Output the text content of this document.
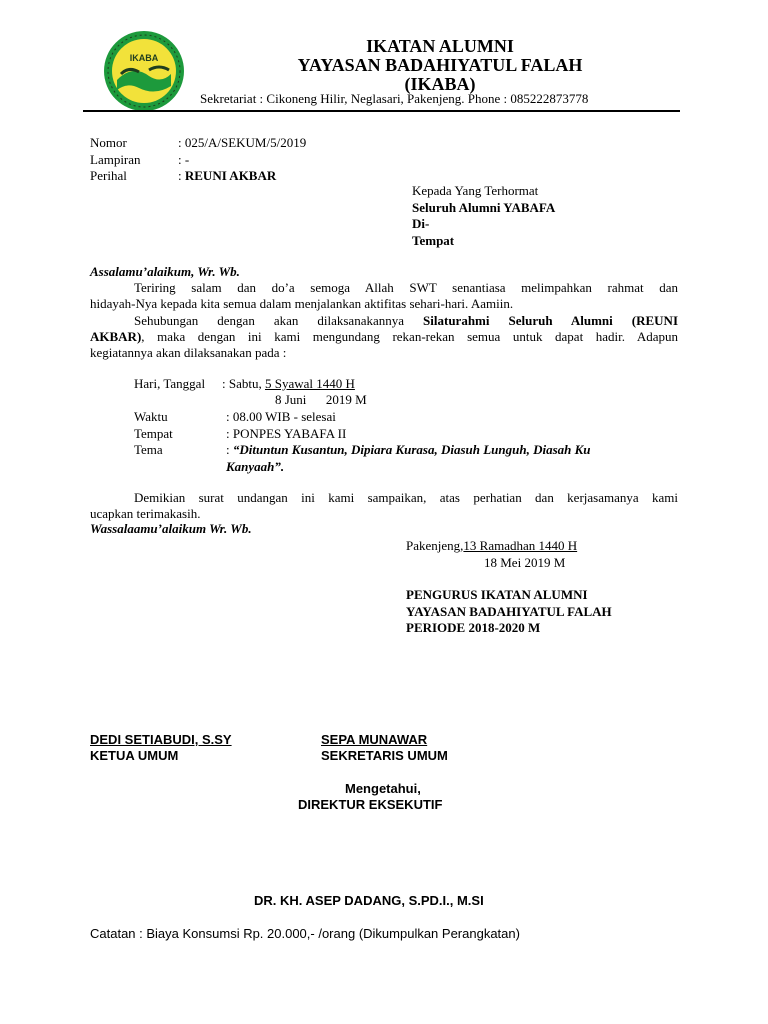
IKABA
IKATAN ALUMNI
YAYASAN BADAHIYATUL FALAH
(IKABA)
Sekretariat : Cikoneng Hilir, Neglasari, Pakenjeng. Phone : 085222873778
Nomor	: 025/A/SEKUM/5/2019
Lampiran	: -
Perihal	: REUNI AKBAR
Kepada Yang Terhormat
Seluruh Alumni YABAFA
Di-
Tempat
Assalamu’alaikum, Wr. Wb.
Teriring salam dan do’a semoga Allah SWT senantiasa melimpahkan rahmat dan
hidayah-Nya kepada kita semua dalam menjalankan aktifitas sehari-hari. Aamiin.
Sehubungan dengan akan dilaksanakannya Silaturahmi Seluruh Alumni (REUNI
AKBAR), maka dengan ini kami mengundang rekan-rekan semua untuk dapat hadir. Adapun
kegiatannya akan dilaksanakan pada :
Hari, Tanggal : Sabtu, 5 Syawal 1440 H
8 Juni      2019 M
Waktu	: 08.00 WIB - selesai
Tempat	: PONPES YABAFA II
Tema	: “Dituntun Kusantun, Dipiara Kurasa, Diasuh Lunguh, Diasah Ku
Kanyaah”.
Demikian surat undangan ini kami sampaikan, atas perhatian dan kerjasamanya kami
ucapkan terimakasih.
Wassalaamu’alaikum Wr. Wb.
Pakenjeng,13 Ramadhan 1440 H
18 Mei 2019 M
PENGURUS IKATAN ALUMNI
YAYASAN BADAHIYATUL FALAH
PERIODE 2018-2020 M
DEDI SETIABUDI, S.SY
KETUA UMUM
SEPA MUNAWAR
SEKRETARIS UMUM
Mengetahui,
DIREKTUR EKSEKUTIF
DR. KH. ASEP DADANG, S.PD.I., M.SI
Catatan : Biaya Konsumsi Rp. 20.000,- /orang (Dikumpulkan Perangkatan)
